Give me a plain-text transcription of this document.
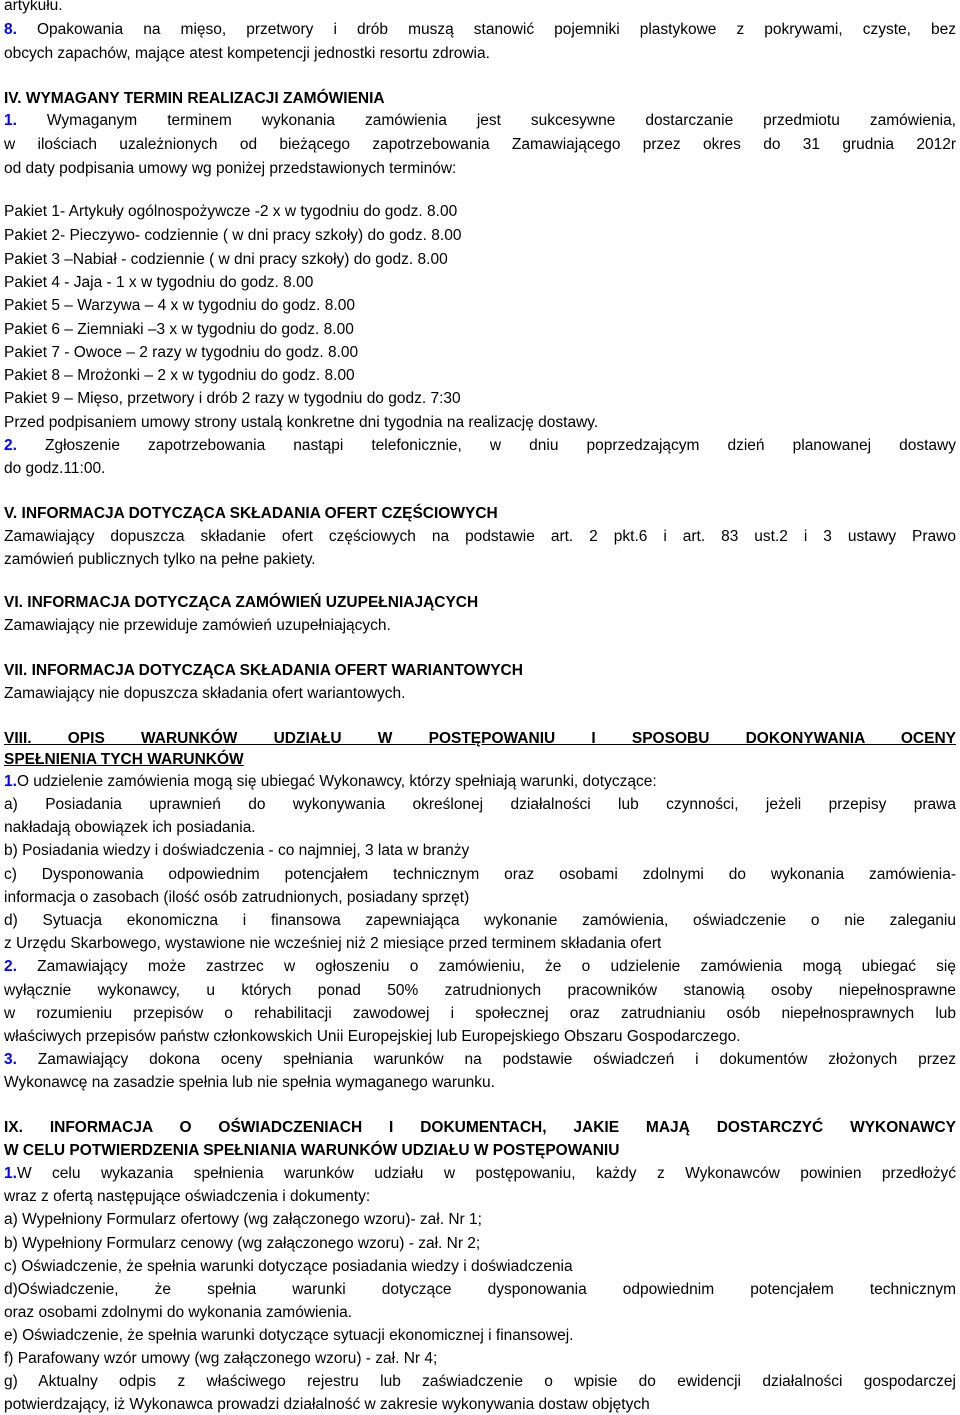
artykułu.
8. Opakowania na mięso, przetwory i drób muszą stanowić pojemniki plastykowe z pokrywami, czyste, bez
obcych zapachów, mające atest kompetencji jednostki resortu zdrowia.
IV. WYMAGANY TERMIN REALIZACJI ZAMÓWIENIA
1. Wymaganym terminem wykonania zamówienia jest sukcesywne dostarczanie przedmiotu zamówienia,
w ilościach uzależnionych od bieżącego zapotrzebowania Zamawiającego przez okres do 31 grudnia 2012r
od daty podpisania umowy wg poniżej przedstawionych terminów:
Pakiet 1- Artykuły ogólnospożywcze -2 x w tygodniu do godz. 8.00
Pakiet 2- Pieczywo- codziennie ( w dni pracy szkoły) do godz. 8.00
Pakiet 3 –Nabiał - codziennie ( w dni pracy szkoły) do godz. 8.00
Pakiet 4 - Jaja - 1 x w tygodniu do godz. 8.00
Pakiet 5 – Warzywa – 4 x w tygodniu do godz. 8.00
Pakiet 6 – Ziemniaki –3 x w tygodniu do godz. 8.00
Pakiet 7 - Owoce – 2 razy w tygodniu do godz. 8.00
Pakiet 8 – Mrożonki – 2 x w tygodniu do godz. 8.00
Pakiet 9 – Mięso, przetwory i drób 2 razy w tygodniu do godz. 7:30
Przed podpisaniem umowy strony ustalą konkretne dni tygodnia na realizację dostawy.
2. Zgłoszenie zapotrzebowania nastąpi telefonicznie, w dniu poprzedzającym dzień planowanej dostawy
do godz.11:00.
V. INFORMACJA DOTYCZĄCA SKŁADANIA OFERT CZĘŚCIOWYCH
Zamawiający dopuszcza składanie ofert częściowych na podstawie art. 2 pkt.6 i art. 83 ust.2 i 3 ustawy Prawo
zamówień publicznych tylko na pełne pakiety.
VI. INFORMACJA DOTYCZĄCA ZAMÓWIEŃ UZUPEŁNIAJĄCYCH
Zamawiający nie przewiduje zamówień uzupełniających.
VII. INFORMACJA DOTYCZĄCA SKŁADANIA OFERT WARIANTOWYCH
Zamawiający nie dopuszcza składania ofert wariantowych.
VIII. OPIS WARUNKÓW UDZIAŁU W POSTĘPOWANIU I SPOSOBU DOKONYWANIA OCENY
SPEŁNIENIA TYCH WARUNKÓW
1.O udzielenie zamówienia mogą się ubiegać Wykonawcy, którzy spełniają warunki, dotyczące:
a) Posiadania uprawnień do wykonywania określonej działalności lub czynności, jeżeli przepisy prawa
nakładają obowiązek ich posiadania.
b) Posiadania wiedzy i doświadczenia - co najmniej, 3 lata w branży
c) Dysponowania odpowiednim potencjałem technicznym oraz osobami zdolnymi do wykonania zamówienia-
informacja o zasobach (ilość osób zatrudnionych, posiadany sprzęt)
d) Sytuacja ekonomiczna i finansowa zapewniająca wykonanie zamówienia, oświadczenie o nie zaleganiu
z Urzędu Skarbowego, wystawione nie wcześniej niż 2 miesiące przed terminem składania ofert
2. Zamawiający może zastrzec w ogłoszeniu o zamówieniu, że o udzielenie zamówienia mogą ubiegać się
wyłącznie wykonawcy, u których ponad 50% zatrudnionych pracowników stanowią osoby niepełnosprawne
w rozumieniu przepisów o rehabilitacji zawodowej i społecznej oraz zatrudnianiu osób niepełnosprawnych lub
właściwych przepisów państw członkowskich Unii Europejskiej lub Europejskiego Obszaru Gospodarczego.
3. Zamawiający dokona oceny spełniania warunków na podstawie oświadczeń i dokumentów złożonych przez
Wykonawcę na zasadzie spełnia lub nie spełnia wymaganego warunku.
IX. INFORMACJA O OŚWIADCZENIACH I DOKUMENTACH, JAKIE MAJĄ DOSTARCZYĆ WYKONAWCY
W CELU POTWIERDZENIA SPEŁNIANIA WARUNKÓW UDZIAŁU W POSTĘPOWANIU
1.W celu wykazania spełnienia warunków udziału w postępowaniu, każdy z Wykonawców powinien przedłożyć
wraz z ofertą następujące oświadczenia i dokumenty:
a) Wypełniony Formularz ofertowy (wg załączonego wzoru)- zał. Nr 1;
b) Wypełniony Formularz cenowy (wg załączonego wzoru) - zał. Nr 2;
c) Oświadczenie, że spełnia warunki dotyczące posiadania wiedzy i doświadczenia
d)Oświadczenie, że spełnia warunki dotyczące dysponowania odpowiednim potencjałem technicznym
oraz osobami zdolnymi do wykonania zamówienia.
e) Oświadczenie, że spełnia warunki dotyczące sytuacji ekonomicznej i finansowej.
f) Parafowany wzór umowy (wg załączonego wzoru) - zał. Nr 4;
g) Aktualny odpis z właściwego rejestru lub zaświadczenie o wpisie do ewidencji działalności gospodarczej
potwierdzający, iż Wykonawca prowadzi działalność w zakresie wykonywania dostaw objętych
